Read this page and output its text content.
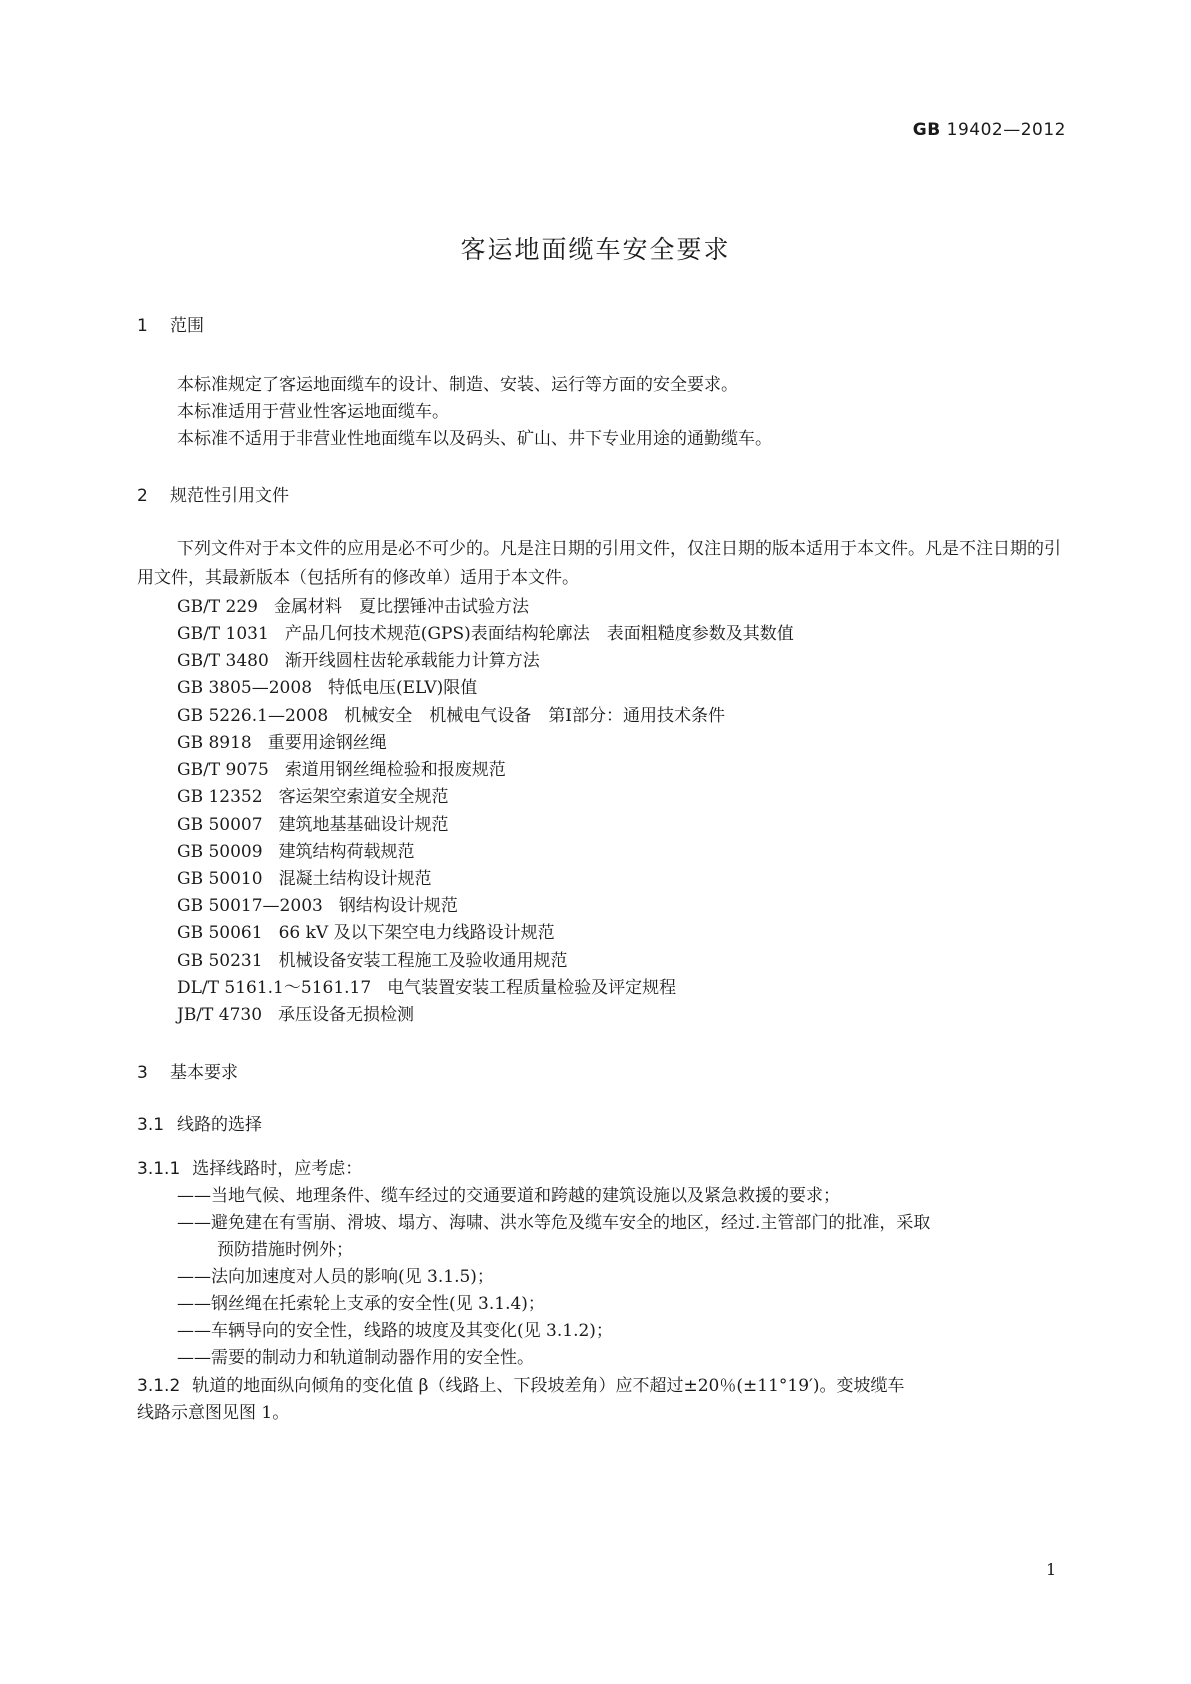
GB 19402—2012
客运地面缆车安全要求
1 范围
本标准规定了客运地面缆车的设计、制造、安装、运行等方面的安全要求。
本标准适用于营业性客运地面缆车。
本标准不适用于非营业性地面缆车以及码头、矿山、井下专业用途的通勤缆车。
2 规范性引用文件
下列文件对于本文件的应用是必不可少的。凡是注日期的引用文件，仅注日期的版本适用于本文件。凡是不注日期的引用文件，其最新版本（包括所有的修改单）适用于本文件。
GB/T 229 金属材料　夏比摆锤冲击试验方法
GB/T 1031 产品几何技术规范(GPS)表面结构轮廓法　表面粗糙度参数及其数值
GB/T 3480 渐开线圆柱齿轮承载能力计算方法
GB 3805—2008 特低电压(ELV)限值
GB 5226.1—2008 机械安全　机械电气设备　第Ⅰ部分：通用技术条件
GB 8918 重要用途钢丝绳
GB/T 9075 索道用钢丝绳检验和报废规范
GB 12352 客运架空索道安全规范
GB 50007 建筑地基基础设计规范
GB 50009 建筑结构荷载规范
GB 50010 混凝土结构设计规范
GB 50017—2003 钢结构设计规范
GB 50061 66 kV 及以下架空电力线路设计规范
GB 50231 机械设备安装工程施工及验收通用规范
DL/T 5161.1～5161.17 电气装置安装工程质量检验及评定规程
JB/T 4730 承压设备无损检测
3 基本要求
3.1 线路的选择
3.1.1 选择线路时，应考虑：
——当地气候、地理条件、缆车经过的交通要道和跨越的建筑设施以及紧急救援的要求；
——避免建在有雪崩、滑坡、塌方、海啸、洪水等危及缆车安全的地区，经过.主管部门的批准，采取
预防措施时例外；
——法向加速度对人员的影响(见 3.1.5)；
——钢丝绳在托索轮上支承的安全性(见 3.1.4)；
——车辆导向的安全性，线路的坡度及其变化(见 3.1.2)；
——需要的制动力和轨道制动器作用的安全性。
3.1.2 轨道的地面纵向倾角的变化值 β（线路上、下段坡差角）应不超过±20％(±11°19′)。变坡缆车
线路示意图见图 1。
1
